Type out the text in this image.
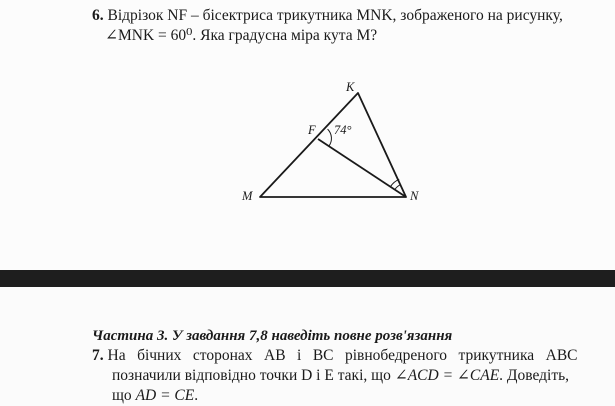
6. Відрізок NF – бісектриса трикутника MNK, зображеного на рисунку,
∠MNK = 60⁰. Яка градусна міра кута M?
K
F 74°
M	N
Частина 3. У завдання 7,8 наведіть повне розв'язання
7. На бічних сторонах AB і BC рівнобедреного трикутника ABC
позначили відповідно точки D і E такі, що ∠ACD = ∠CAE. Доведіть,
що AD = CE.
